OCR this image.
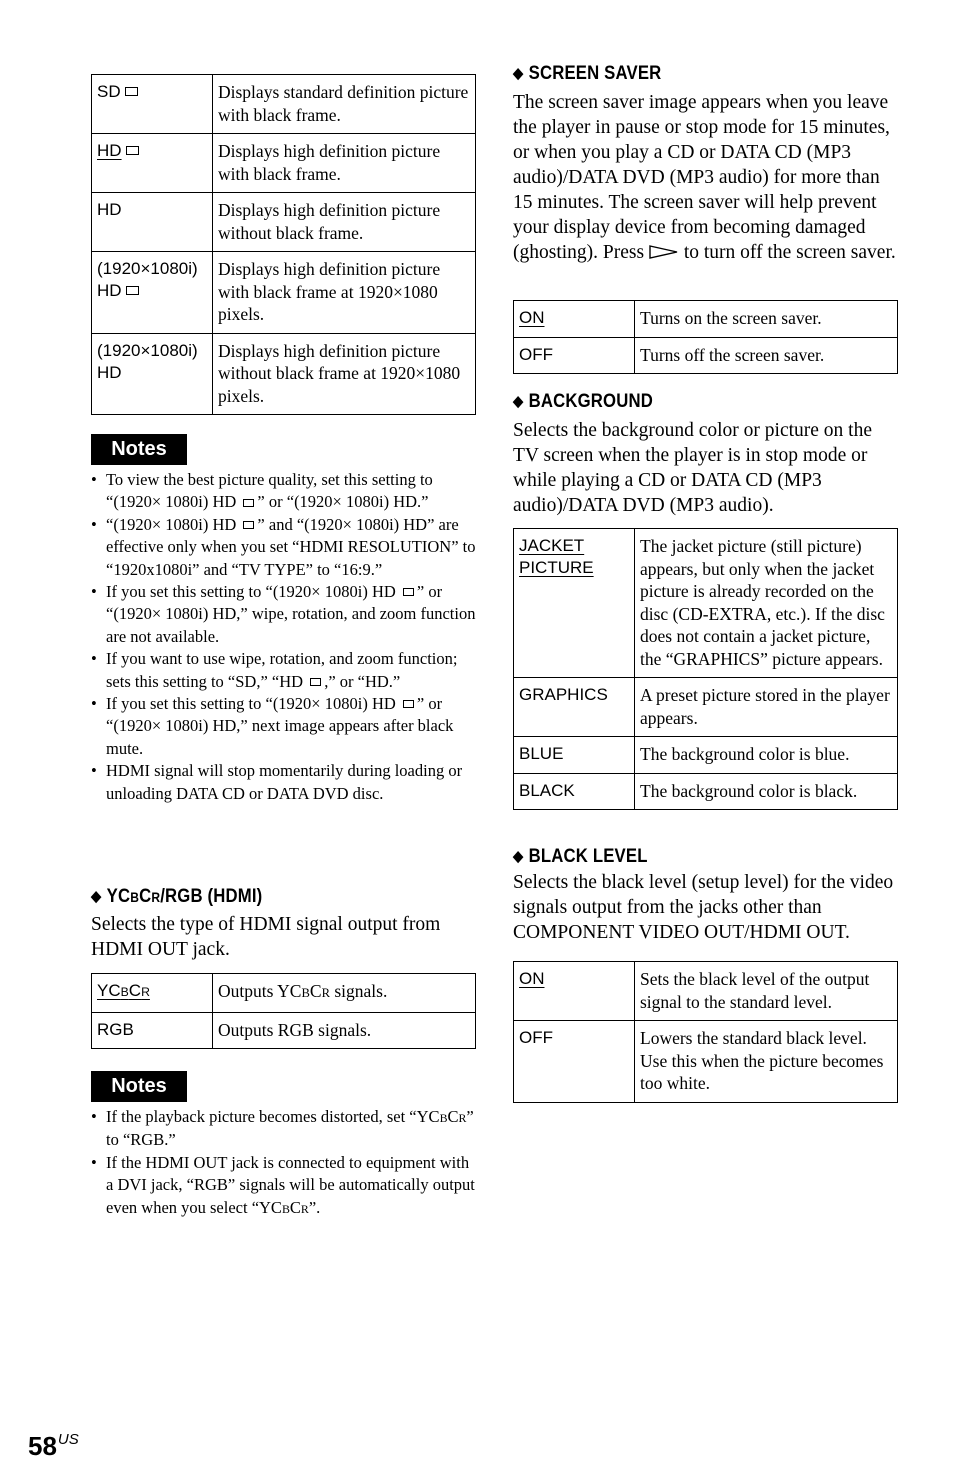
SD	Displays standard definition picture with black frame.
HD	Displays high definition picture with black frame.
HD	Displays high definition picture without black frame.
(1920×1080i)
HD	Displays high definition picture with black frame at 1920×1080 pixels.
(1920×1080i)
HD	Displays high definition picture without black frame at 1920×1080 pixels.
Notes
• To view the best picture quality, set this setting to “(1920× 1080i) HD ” or “(1920× 1080i) HD.”
• “(1920× 1080i) HD ” and “(1920× 1080i) HD” are effective only when you set “HDMI RESOLUTION” to “1920x1080i” and “TV TYPE” to “16:9.”
• If you set this setting to “(1920× 1080i) HD ” or “(1920× 1080i) HD,” wipe, rotation, and zoom function are not available.
• If you want to use wipe, rotation, and zoom function; sets this setting to “SD,” “HD ,” or “HD.”
• If you set this setting to “(1920× 1080i) HD ” or “(1920× 1080i) HD,” next image appears after black mute.
• HDMI signal will stop momentarily during loading or unloading DATA CD or DATA DVD disc.
◆ YCBCR/RGB (HDMI)
Selects the type of HDMI signal output from HDMI OUT jack.
YCBCR	Outputs YCBCR signals.
RGB	Outputs RGB signals.
Notes
• If the playback picture becomes distorted, set “YCBCR” to “RGB.”
• If the HDMI OUT jack is connected to equipment with a DVI jack, “RGB” signals will be automatically output even when you select “YCBCR”.
◆ SCREEN SAVER
The screen saver image appears when you leave the player in pause or stop mode for 15 minutes, or when you play a CD or DATA CD (MP3 audio)/DATA DVD (MP3 audio) for more than 15 minutes. The screen saver will help prevent your display device from becoming damaged (ghosting). Press  to turn off the screen saver.
ON	Turns on the screen saver.
OFF	Turns off the screen saver.
◆ BACKGROUND
Selects the background color or picture on the TV screen when the player is in stop mode or while playing a CD or DATA CD (MP3 audio)/DATA DVD (MP3 audio).
JACKET PICTURE	The jacket picture (still picture) appears, but only when the jacket picture is already recorded on the disc (CD-EXTRA, etc.). If the disc does not contain a jacket picture, the “GRAPHICS” picture appears.
GRAPHICS	A preset picture stored in the player appears.
BLUE	The background color is blue.
BLACK	The background color is black.
◆ BLACK LEVEL
Selects the black level (setup level) for the video signals output from the jacks other than COMPONENT VIDEO OUT/HDMI OUT.
ON	Sets the black level of the output signal to the standard level.
OFF	Lowers the standard black level. Use this when the picture becomes too white.
$58^{US}$
